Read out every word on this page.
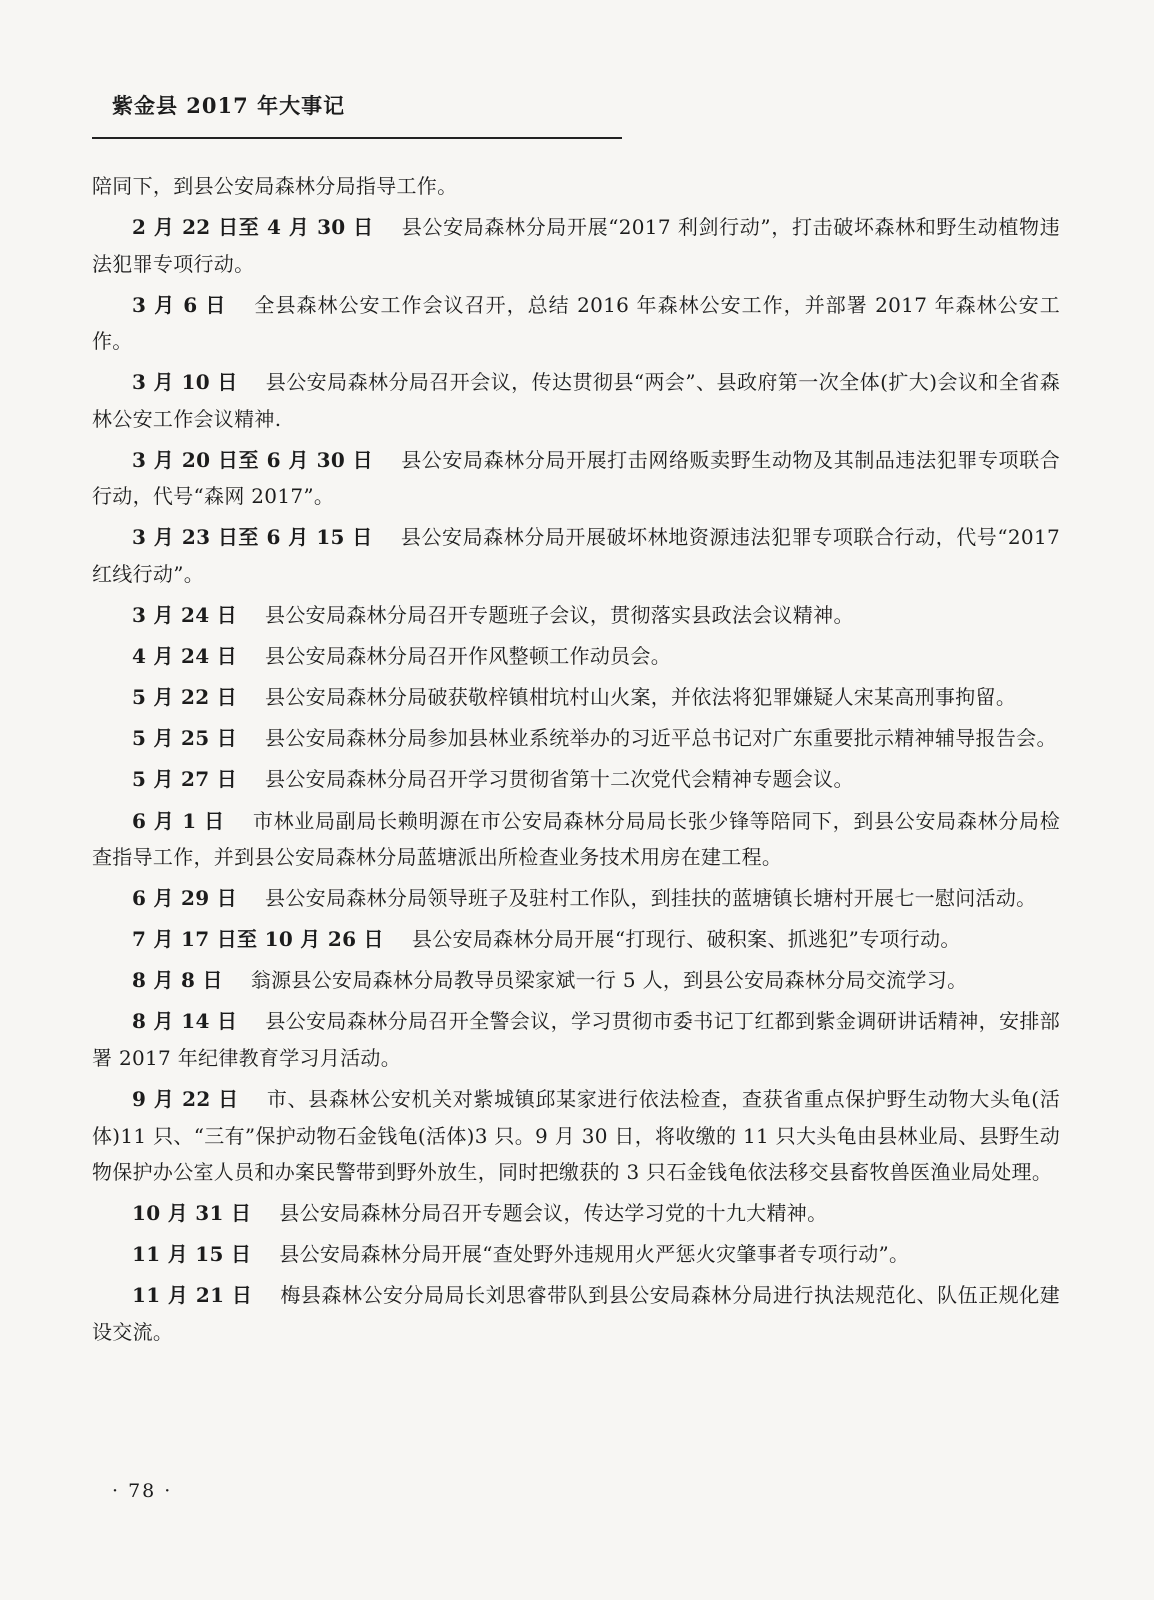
紫金县 2017 年大事记

陪同下，到县公安局森林分局指导工作。

2 月 22 日至 4 月 30 日 县公安局森林分局开展“2017 利剑行动”，打击破坏森林和野生动植物违法犯罪专项行动。

3 月 6 日 全县森林公安工作会议召开，总结 2016 年森林公安工作，并部署 2017 年森林公安工作。

3 月 10 日 县公安局森林分局召开会议，传达贯彻县“两会”、县政府第一次全体(扩大)会议和全省森林公安工作会议精神.

3 月 20 日至 6 月 30 日 县公安局森林分局开展打击网络贩卖野生动物及其制品违法犯罪专项联合行动，代号“森网 2017”。

3 月 23 日至 6 月 15 日 县公安局森林分局开展破坏林地资源违法犯罪专项联合行动，代号“2017 红线行动”。

3 月 24 日 县公安局森林分局召开专题班子会议，贯彻落实县政法会议精神。

4 月 24 日 县公安局森林分局召开作风整顿工作动员会。

5 月 22 日 县公安局森林分局破获敬梓镇柑坑村山火案，并依法将犯罪嫌疑人宋某高刑事拘留。

5 月 25 日 县公安局森林分局参加县林业系统举办的习近平总书记对广东重要批示精神辅导报告会。

5 月 27 日 县公安局森林分局召开学习贯彻省第十二次党代会精神专题会议。

6 月 1 日 市林业局副局长赖明源在市公安局森林分局局长张少锋等陪同下，到县公安局森林分局检查指导工作，并到县公安局森林分局蓝塘派出所检查业务技术用房在建工程。

6 月 29 日 县公安局森林分局领导班子及驻村工作队，到挂扶的蓝塘镇长塘村开展七一慰问活动。

7 月 17 日至 10 月 26 日 县公安局森林分局开展“打现行、破积案、抓逃犯”专项行动。

8 月 8 日 翁源县公安局森林分局教导员梁家斌一行 5 人，到县公安局森林分局交流学习。

8 月 14 日 县公安局森林分局召开全警会议，学习贯彻市委书记丁红都到紫金调研讲话精神，安排部署 2017 年纪律教育学习月活动。

9 月 22 日 市、县森林公安机关对紫城镇邱某家进行依法检查，查获省重点保护野生动物大头龟(活体)11 只、“三有”保护动物石金钱龟(活体)3 只。9 月 30 日，将收缴的 11 只大头龟由县林业局、县野生动物保护办公室人员和办案民警带到野外放生，同时把缴获的 3 只石金钱龟依法移交县畜牧兽医渔业局处理。

10 月 31 日 县公安局森林分局召开专题会议，传达学习党的十九大精神。

11 月 15 日 县公安局森林分局开展“查处野外违规用火严惩火灾肇事者专项行动”。

11 月 21 日 梅县森林公安分局局长刘思睿带队到县公安局森林分局进行执法规范化、队伍正规化建设交流。

· 78 ·
